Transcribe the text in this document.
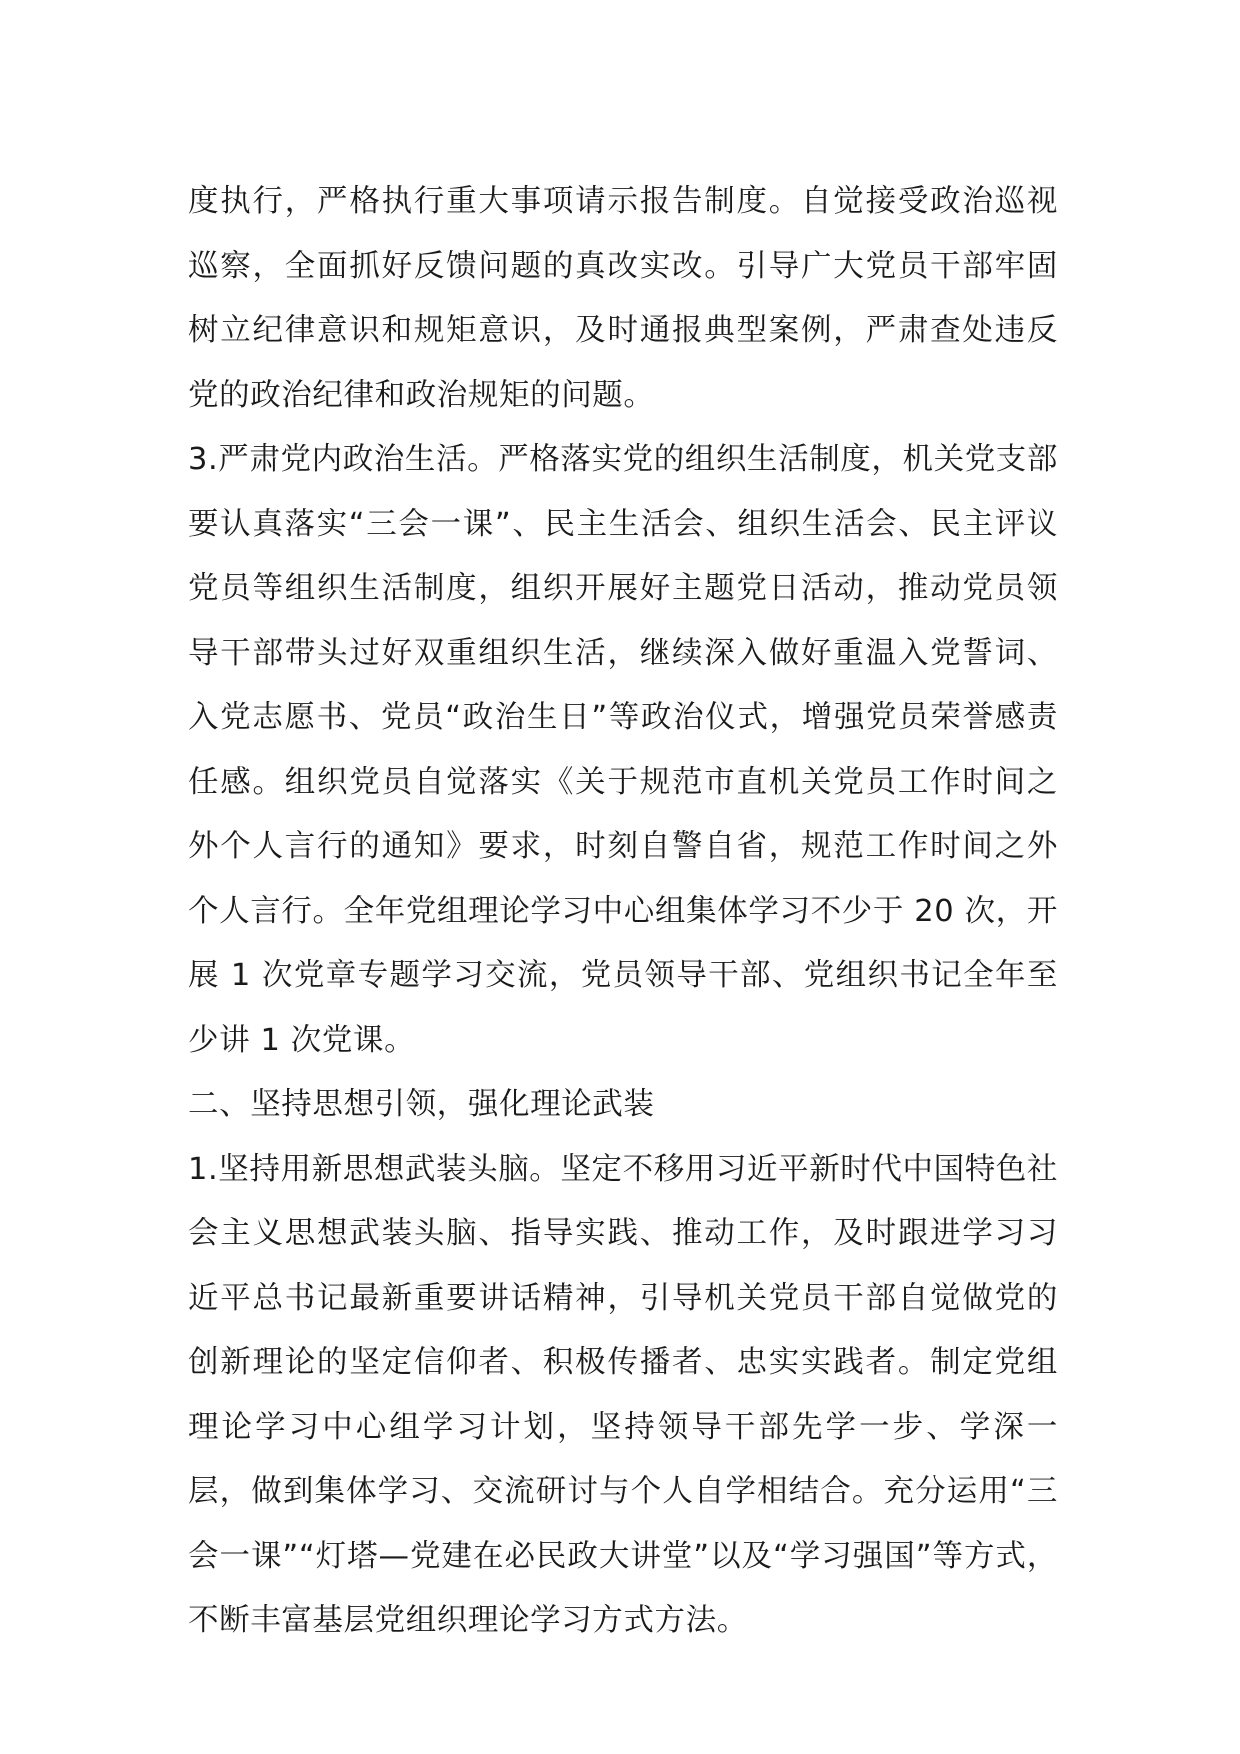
度执行，严格执行重大事项请示报告制度。自觉接受政治巡视巡察，全面抓好反馈问题的真改实改。引导广大党员干部牢固树立纪律意识和规矩意识，及时通报典型案例，严肃查处违反党的政治纪律和政治规矩的问题。

3.严肃党内政治生活。严格落实党的组织生活制度，机关党支部要认真落实“三会一课”、民主生活会、组织生活会、民主评议党员等组织生活制度，组织开展好主题党日活动，推动党员领导干部带头过好双重组织生活，继续深入做好重温入党誓词、入党志愿书、党员“政治生日”等政治仪式，增强党员荣誉感责任感。组织党员自觉落实《关于规范市直机关党员工作时间之外个人言行的通知》要求，时刻自警自省，规范工作时间之外个人言行。全年党组理论学习中心组集体学习不少于 20 次，开展 1 次党章专题学习交流，党员领导干部、党组织书记全年至少讲 1 次党课。

二、坚持思想引领，强化理论武装

1.坚持用新思想武装头脑。坚定不移用习近平新时代中国特色社会主义思想武装头脑、指导实践、推动工作，及时跟进学习习近平总书记最新重要讲话精神，引导机关党员干部自觉做党的创新理论的坚定信仰者、积极传播者、忠实实践者。制定党组理论学习中心组学习计划，坚持领导干部先学一步、学深一层，做到集体学习、交流研讨与个人自学相结合。充分运用“三会一课”“灯塔—党建在必民政大讲堂”以及“学习强国”等方式，不断丰富基层党组织理论学习方式方法。
